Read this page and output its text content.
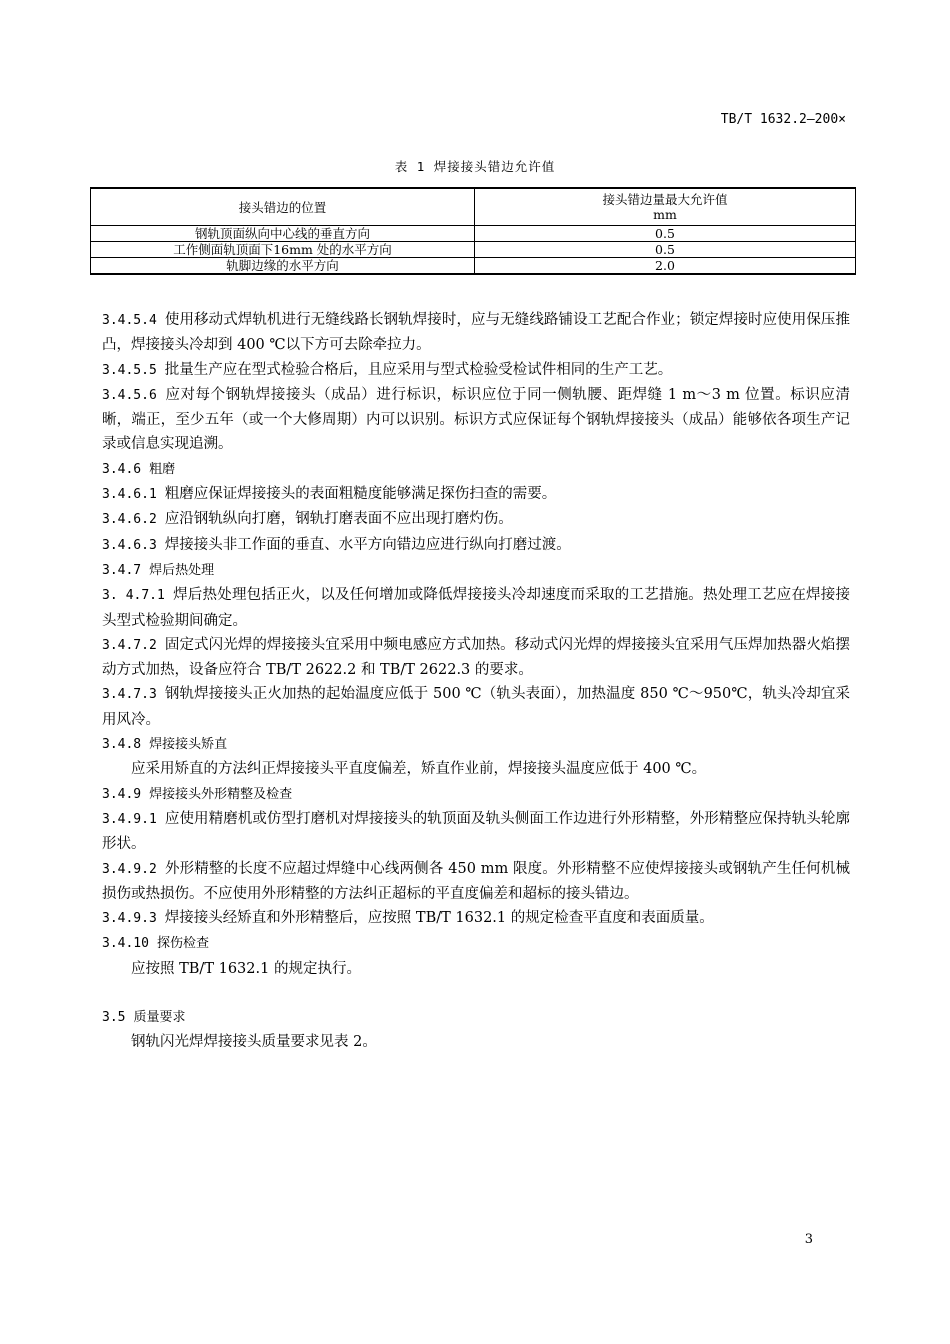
TB/T 1632.2—200×
表 1 焊接接头错边允许值
接头错边的位置	接头错边量最大允许值
mm

钢轨顶面纵向中心线的垂直方向	0.5
工作侧面轨顶面下16mm 处的水平方向	0.5
轨脚边缘的水平方向	2.0

3.4.5.4 使用移动式焊轨机进行无缝线路长钢轨焊接时，应与无缝线路铺设工艺配合作业；锁定焊接时应使用保压推凸，焊接接头冷却到 400 ℃以下方可去除牵拉力。

3.4.5.5 批量生产应在型式检验合格后，且应采用与型式检验受检试件相同的生产工艺。

3.4.5.6 应对每个钢轨焊接接头（成品）进行标识，标识应位于同一侧轨腰、距焊缝 1 m～3 m 位置。标识应清晰，端正，至少五年（或一个大修周期）内可以识别。标识方式应保证每个钢轨焊接接头（成品）能够依各项生产记录或信息实现追溯。

3.4.6 粗磨

3.4.6.1 粗磨应保证焊接接头的表面粗糙度能够满足探伤扫查的需要。

3.4.6.2 应沿钢轨纵向打磨，钢轨打磨表面不应出现打磨灼伤。

3.4.6.3 焊接接头非工作面的垂直、水平方向错边应进行纵向打磨过渡。

3.4.7 焊后热处理

3. 4.7.1 焊后热处理包括正火，以及任何增加或降低焊接接头冷却速度而采取的工艺措施。热处理工艺应在焊接接头型式检验期间确定。

3.4.7.2 固定式闪光焊的焊接接头宜采用中频电感应方式加热。移动式闪光焊的焊接接头宜采用气压焊加热器火焰摆动方式加热，设备应符合 TB/T 2622.2 和 TB/T 2622.3 的要求。

3.4.7.3 钢轨焊接接头正火加热的起始温度应低于 500 ℃（轨头表面），加热温度 850 ℃～950℃，轨头冷却宜采用风冷。

3.4.8 焊接接头矫直

应采用矫直的方法纠正焊接接头平直度偏差，矫直作业前，焊接接头温度应低于 400 ℃。

3.4.9 焊接接头外形精整及检查

3.4.9.1 应使用精磨机或仿型打磨机对焊接接头的轨顶面及轨头侧面工作边进行外形精整，外形精整应保持轨头轮廓形状。

3.4.9.2 外形精整的长度不应超过焊缝中心线两侧各 450 mm 限度。外形精整不应使焊接接头或钢轨产生任何机械损伤或热损伤。不应使用外形精整的方法纠正超标的平直度偏差和超标的接头错边。

3.4.9.3 焊接接头经矫直和外形精整后，应按照 TB/T 1632.1 的规定检查平直度和表面质量。

3.4.10 探伤检查

应按照 TB/T 1632.1 的规定执行。

3.5 质量要求

钢轨闪光焊焊接接头质量要求见表 2。

3
